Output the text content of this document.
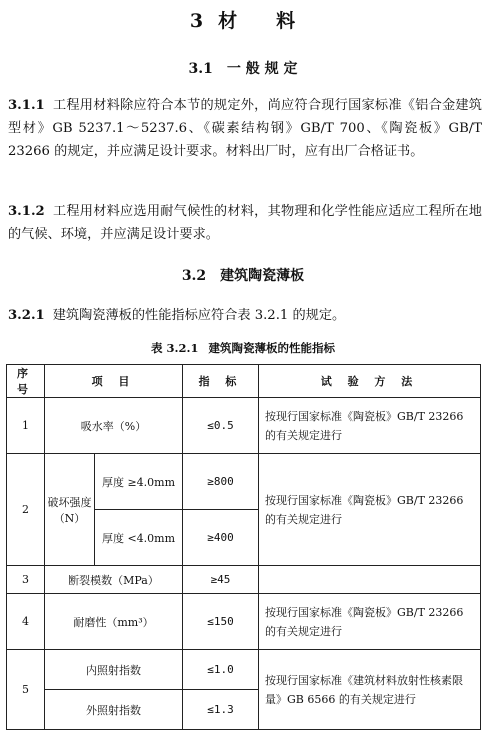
3 材 料
3.1 一 般 规 定
3.1.1 工程用材料除应符合本节的规定外，尚应符合现行国家标准《铝合金建筑型材》GB 5237.1～5237.6、《碳素结构钢》GB/T 700、《陶瓷板》GB/T 23266 的规定，并应满足设计要求。材料出厂时，应有出厂合格证书。
3.1.2 工程用材料应选用耐气候性的材料，其物理和化学性能应适应工程所在地的气候、环境，并应满足设计要求。
3.2 建筑陶瓷薄板
3.2.1 建筑陶瓷薄板的性能指标应符合表 3.2.1 的规定。
表 3.2.1 建筑陶瓷薄板的性能指标
序号	项 目		指 标	试 验 方 法
1	吸水率（%）		≤0.5	按现行国家标准《陶瓷板》GB/T 23266的有关规定进行
2	破坏强度（N）	厚度 ≥4.0mm	≥800	按现行国家标准《陶瓷板》GB/T 23266的有关规定进行
		厚度 <4.0mm	≥400	
3	断裂模数（MPa）		≥45	
4	耐磨性（mm³）		≤150	按现行国家标准《陶瓷板》GB/T 23266的有关规定进行
5	内照射指数		≤1.0	按现行国家标准《建筑材料放射性核素限量》GB 6566 的有关规定进行
	外照射指数		≤1.3	
